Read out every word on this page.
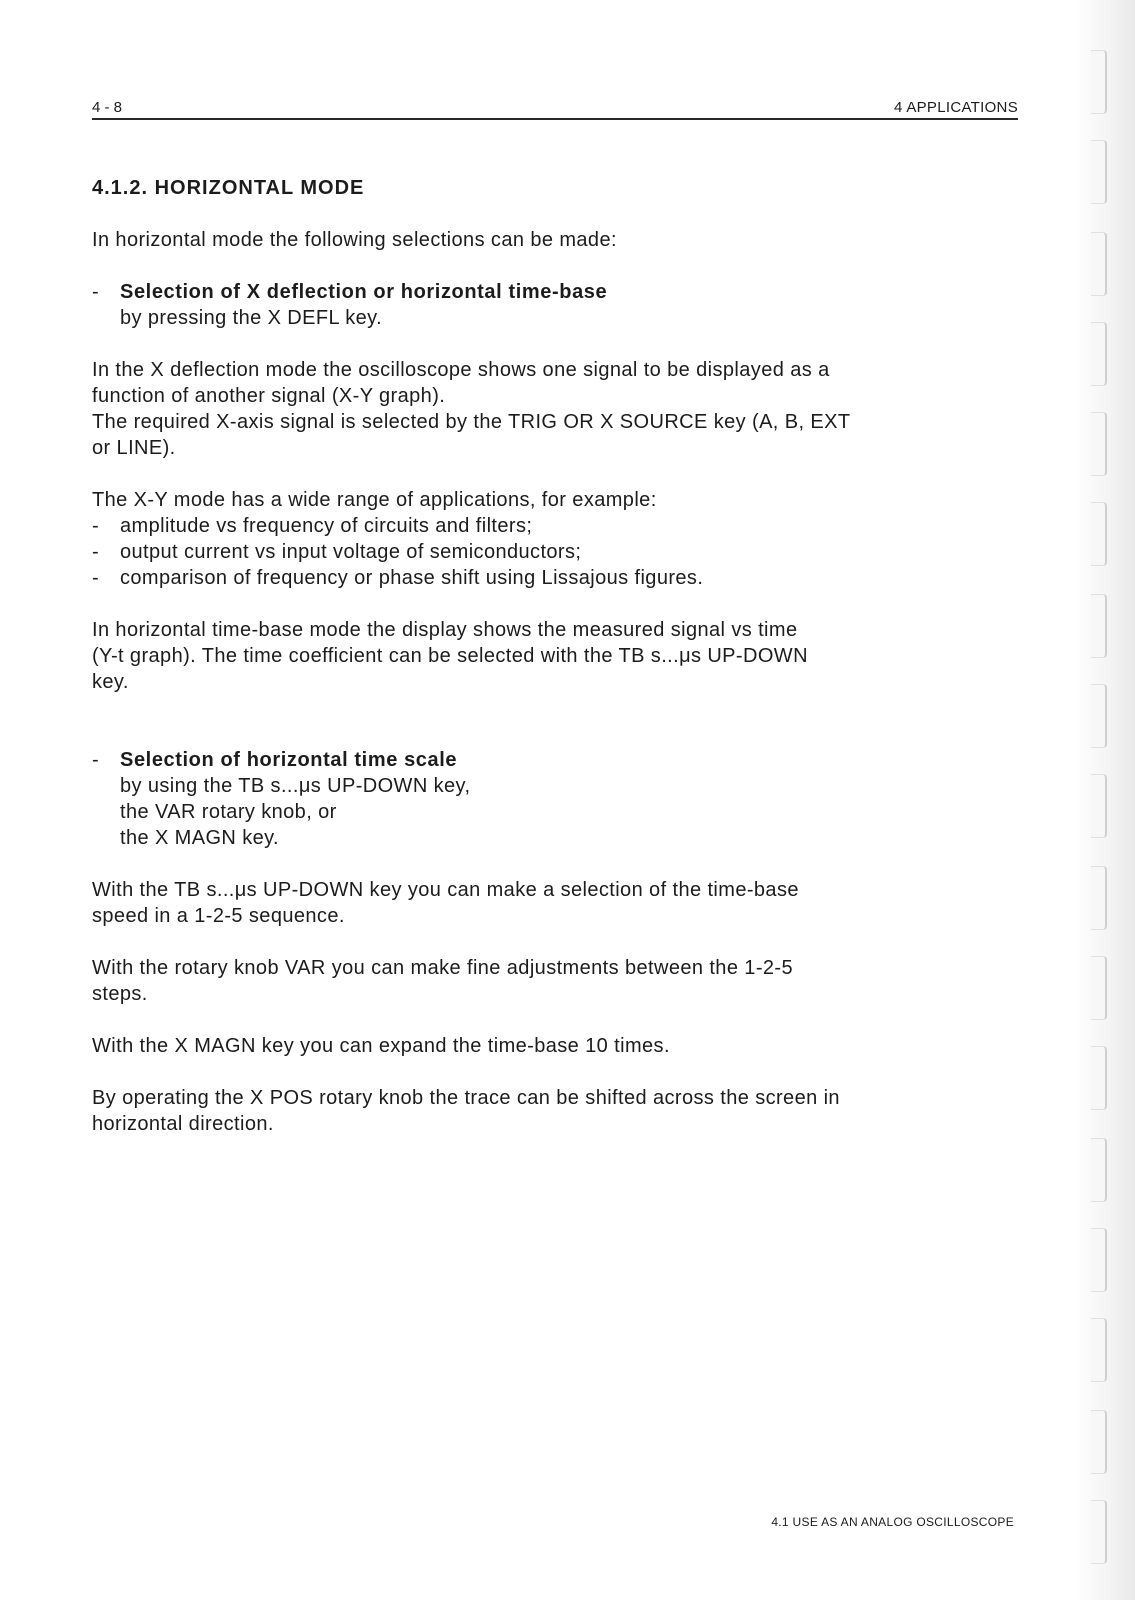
4 - 8	4 APPLICATIONS
4.1.2. HORIZONTAL MODE

In horizontal mode the following selections can be made:

- Selection of X deflection or horizontal time-base

by pressing the X DEFL key.

In the X deflection mode the oscilloscope shows one signal to be displayed as a

function of another signal (X-Y graph).

The required X-axis signal is selected by the TRIG OR X SOURCE key (A, B, EXT

or LINE).

The X-Y mode has a wide range of applications, for example:

- amplitude vs frequency of circuits and filters;
- output current vs input voltage of semiconductors;
- comparison of frequency or phase shift using Lissajous figures.

In horizontal time-base mode the display shows the measured signal vs time

(Y-t graph). The time coefficient can be selected with the TB s...μs UP-DOWN

key.

- Selection of horizontal time scale

by using the TB s...μs UP-DOWN key,

the VAR rotary knob, or

the X MAGN key.

With the TB s...μs UP-DOWN key you can make a selection of the time-base

speed in a 1-2-5 sequence.

With the rotary knob VAR you can make fine adjustments between the 1-2-5

steps.

With the X MAGN key you can expand the time-base 10 times.

By operating the X POS rotary knob the trace can be shifted across the screen in

horizontal direction.

4.1 USE AS AN ANALOG OSCILLOSCOPE
